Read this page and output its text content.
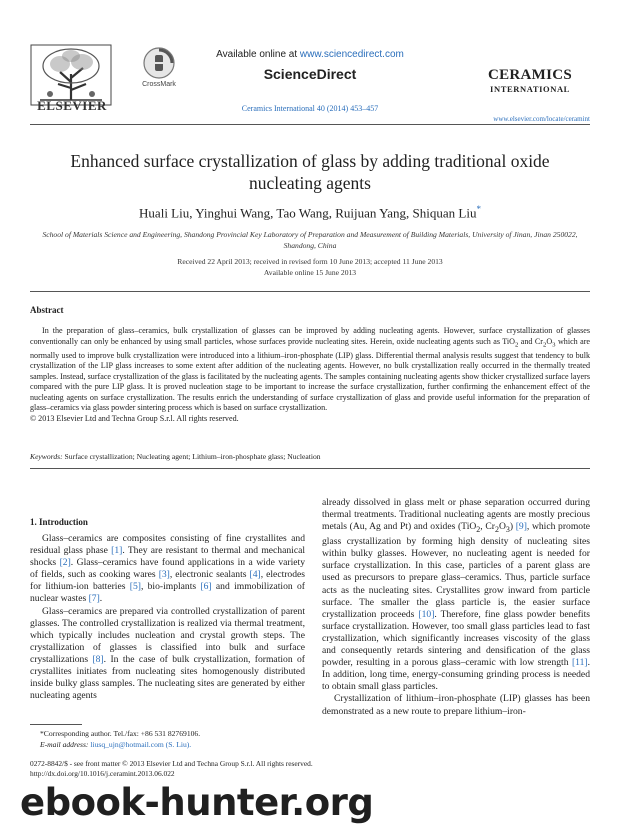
ELSEVIER
CrossMark
Available online at www.sciencedirect.com
ScienceDirect
Ceramics International 40 (2014) 453–457
CERAMICS
INTERNATIONAL
www.elsevier.com/locate/ceramint
Enhanced surface crystallization of glass by adding traditional oxide nucleating agents
Huali Liu, Yinghui Wang, Tao Wang, Ruijuan Yang, Shiquan Liu*
School of Materials Science and Engineering, Shandong Provincial Key Laboratory of Preparation and Measurement of Building Materials, University of Jinan, Jinan 250022, Shandong, China
Received 22 April 2013; received in revised form 10 June 2013; accepted 11 June 2013
Available online 15 June 2013
Abstract
In the preparation of glass–ceramics, bulk crystallization of glasses can be improved by adding nucleating agents. However, surface crystallization of glasses conventionally can only be enhanced by using small particles, whose surfaces provide nucleating sites. Herein, oxide nucleating agents such as TiO$_2$ and $Cr_2O_3$ which are normally used to improve bulk crystallization were introduced into a lithium–iron-phosphate (LIP) glass. Differential thermal analysis results suggest that tendency to bulk crystallization of the LIP glass increases to some extent after addition of the nucleating agents. However, no bulk crystallization really occurred in the thermally treated samples. Instead, surface crystallization of the glass is facilitated by the nucleating agents. The samples containing nucleating agents show thicker crystallized surface layers compared with the pure LIP glass. It is proved nucleation stage to be important to increase the surface crystallization, further confirming the enhancement effect of the nucleating agents on surface crystallization. The results enrich the understanding of surface crystallization of glass and provide useful information for the preparation of glass–ceramics via glass powder sintering process which is based on surface crystallization.
© 2013 Elsevier Ltd and Techna Group S.r.l. All rights reserved.
Keywords: Surface crystallization; Nucleating agent; Lithium–iron-phosphate glass; Nucleation
1. Introduction

Glass–ceramics are composites consisting of fine crystallites and residual glass phase [1]. They are resistant to thermal and mechanical shocks [2]. Glass–ceramics have found applications in a wide variety of fields, such as cooking wares [3], electronic sealants [4], electrodes for lithium-ion batteries [5], bio-implants [6] and immobilization of nuclear wastes [7].

Glass–ceramics are prepared via controlled crystallization of parent glasses. The controlled crystallization is realized via thermal treatment, which typically includes nucleation and crystal growth steps. The crystallization of glasses is classified into bulk and surface crystallizations [8]. In the case of bulk crystallization, formation of crystallites initiates from nucleating sites homogenously distributed inside bulky glass samples. The nucleating sites are generated by either nucleating agents

already dissolved in glass melt or phase separation occurred during thermal treatments. Traditional nucleating agents are mostly precious metals (Au, Ag and Pt) and oxides (TiO$_2$, $Cr_2O_3$) [9], which promote glass crystallization by forming high density of nucleating sites within bulky glasses. However, no nucleating agent is needed for surface crystallization. In this case, particles of a parent glass are used as precursors to prepare glass–ceramics. Thus, particle surface acts as the nucleating sites. Crystallites grow inward from particle surface. The smaller the glass particle is, the easier surface crystallization proceeds [10]. Therefore, fine glass powder benefits surface crystallization. However, too small glass particles lead to fast crystallization, which significantly increases viscosity of the glass and consequently retards sintering and densification of the glass powder, resulting in a porous glass–ceramic with low strength [11]. In addition, long time, energy-consuming grinding process is needed to obtain small glass particles.

Crystallization of lithium–iron-phosphate (LIP) glasses has been demonstrated as a new route to prepare lithium–iron-

*Corresponding author. Tel./fax: +86 531 82769106.
E-mail address: liusq_ujn@hotmail.com (S. Liu).
0272-8842/$ - see front matter © 2013 Elsevier Ltd and Techna Group S.r.l. All rights reserved.
http://dx.doi.org/10.1016/j.ceramint.2013.06.022
ebook-hunter.org
